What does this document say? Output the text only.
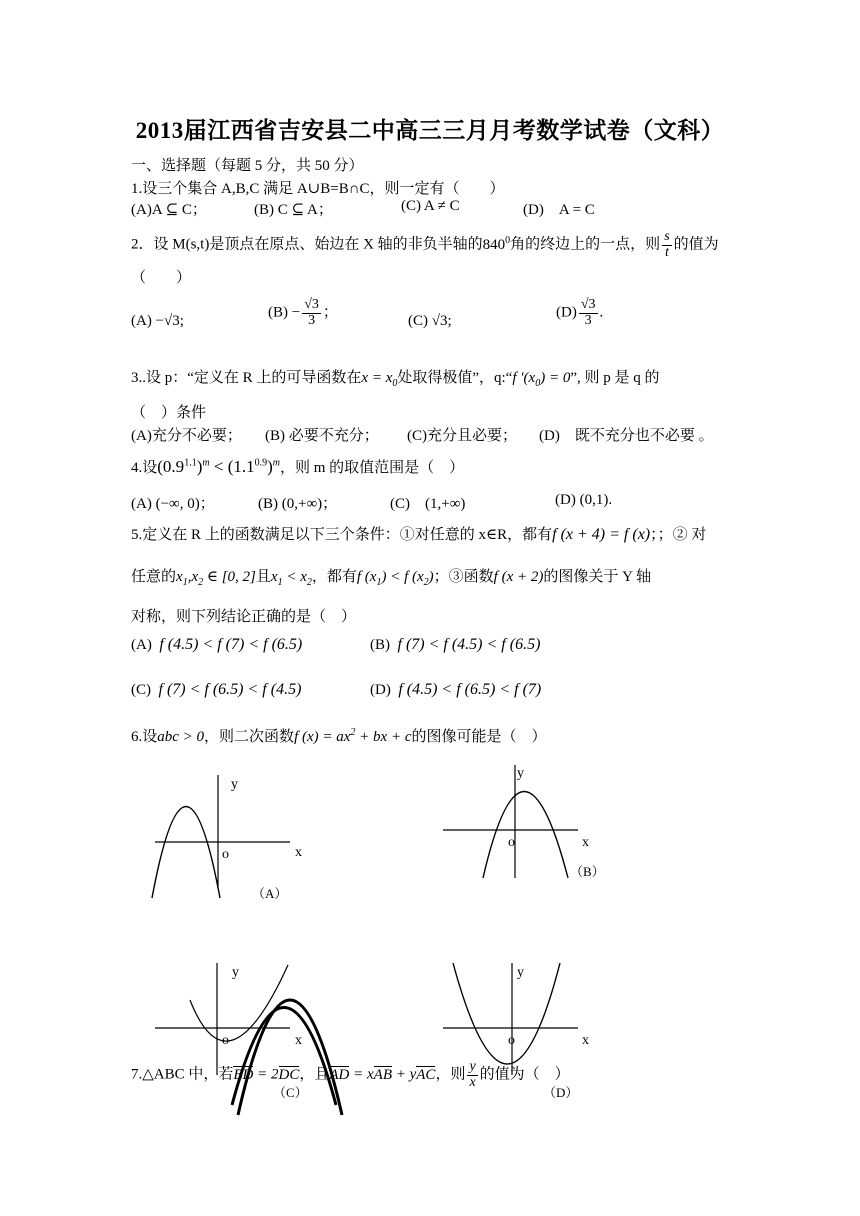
2013届江西省吉安县二中高三三月月考数学试卷（文科）
一、选择题（每题 5 分，共 50 分）
1.设三个集合 A,B,C 满足 A∪B=B∩C，则一定有（　　）
(A)A ⊆ C；	(B) C ⊆ A；	(C) A ≠ C	(D)　A = C
2．设 M(s,t)是顶点在原点、始边在 X 轴的非负半轴的$840^0$角的终边上的一点，则 $\frac{s}{t}$ 的值为
（　　）
(A) −√3;
$(B) - \frac{√3}{3}$ ；
(C) √3;
$(D) \frac{√3}{3}$ .
3..设 p：“定义在 R 上的可导函数在$x = x_0$处取得极值”，q:“f $'(x_0) = 0$”, 则 p 是 q 的
（　）条件
(A)充分不必要； (B) 必要不充分； (C)充分且必要； (D)　既不充分也不必要 。
4.设$(0.9^{1.1})^m < (1.1^{0.9})^m$，则 m 的取值范围是（　）
(A) (−∞, 0)；	(B) (0,+∞)；	(C)　(1,+∞)	(D) (0,1).
5.定义在 R 上的函数满足以下三个条件：①对任意的 x∈R，都有f (x + 4) = f (x)；；② 对
任意的$x_1,x_2$ ∈ [0, 2]且$x_1 < x_2$，都有f $(x_1) < f$ $(x_2)$；③函数f (x + 2)的图像关于 Y 轴
对称，则下列结论正确的是（　）
(A) f (4.5) < f (7) < f (6.5)	(B) f (7) < f (4.5) < f (6.5)
(C) f (7) < f (6.5) < f (4.5)	(D) f (4.5) < f (6.5) < f (7)
6.设abc > 0，则二次函数f $(x) = ax^2$ + bx + c的图像可能是（　）
y
o	x
（A）
y
o	x
（B）
y
o	x
（C）
y
o	x
（D）
7.△ABC 中，若BD = 2DC，且AD = xAB + yAC，则 $\frac{y}{x}$ 的值为（　）
